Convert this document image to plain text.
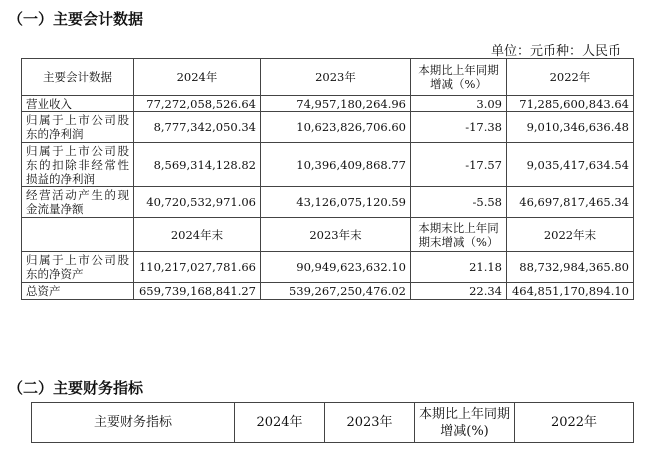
（一）主要会计数据
单位：元币种：人民币
主要会计数据	2024年	2023年	本期比上年同期增减（%）	2022年
营业收入	77,272,058,526.64	74,957,180,264.96	3.09	71,285,600,843.64
归属于上市公司股东的净利润	8,777,342,050.34	10,623,826,706.60	-17.38	9,010,346,636.48
归属于上市公司股东的扣除非经常性损益的净利润	8,569,314,128.82	10,396,409,868.77	-17.57	9,035,417,634.54
经营活动产生的现金流量净额	40,720,532,971.06	43,126,075,120.59	-5.58	46,697,817,465.34
	2024年末	2023年末	本期末比上年同期末增减（%）	2022年末
归属于上市公司股东的净资产	110,217,027,781.66	90,949,623,632.10	21.18	88,732,984,365.80
总资产	659,739,168,841.27	539,267,250,476.02	22.34	464,851,170,894.10
（二）主要财务指标
主要财务指标	2024年	2023年	本期比上年同期增减(%)	2022年
